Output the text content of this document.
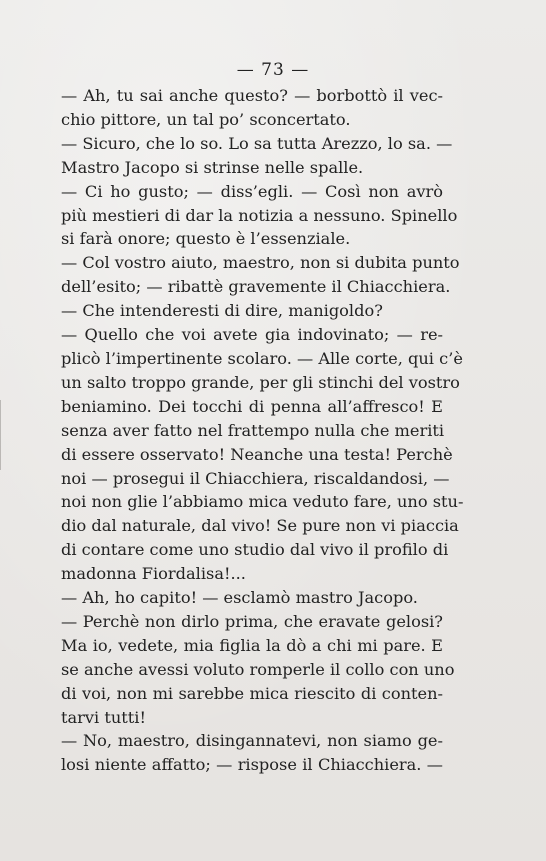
— 73 —
— Ah, tu sai anche questo? — borbottò il vec-
chio pittore, un tal po’ sconcertato.
— Sicuro, che lo so. Lo sa tutta Arezzo, lo sa. —
Mastro Jacopo si strinse nelle spalle.
— Ci ho gusto; — diss’egli. — Così non avrò
più mestieri di dar la notizia a nessuno. Spinello
si farà onore; questo è l’essenziale.
— Col vostro aiuto, maestro, non si dubita punto
dell’esito; — ribattè gravemente il Chiacchiera.
— Che intenderesti di dire, manigoldo?
— Quello che voi avete gia indovinato; — re-
plicò l’impertinente scolaro. — Alle corte, qui c’è
un salto troppo grande, per gli stinchi del vostro
beniamino. Dei tocchi di penna all’affresco! E
senza aver fatto nel frattempo nulla che meriti
di essere osservato! Neanche una testa! Perchè
noi — prosegui il Chiacchiera, riscaldandosi, —
noi non glie l’abbiamo mica veduto fare, uno stu-
dio dal naturale, dal vivo! Se pure non vi piaccia
di contare come uno studio dal vivo il profilo di
madonna Fiordalisa!...
— Ah, ho capito! — esclamò mastro Jacopo.
— Perchè non dirlo prima, che eravate gelosi?
Ma io, vedete, mia figlia la dò a chi mi pare. E
se anche avessi voluto romperle il collo con uno
di voi, non mi sarebbe mica riescito di conten-
tarvi tutti!
— No, maestro, disingannatevi, non siamo ge-
losi niente affatto; — rispose il Chiacchiera. —
